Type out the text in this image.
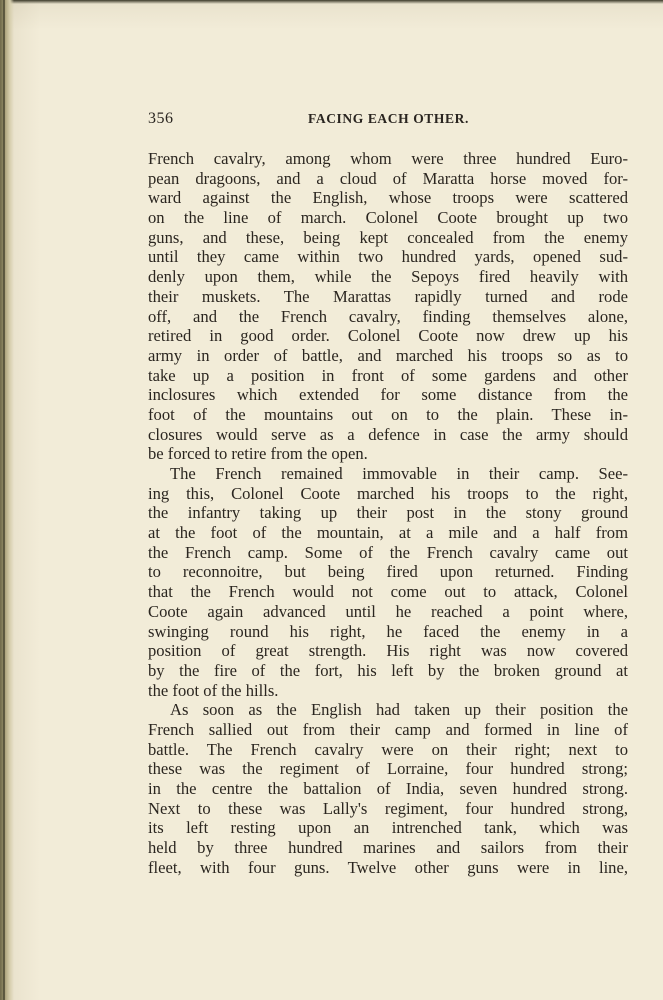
356	FACING EACH OTHER.
French cavalry, among whom were three hundred Euro-
pean dragoons, and a cloud of Maratta horse moved for-
ward against the English, whose troops were scattered
on the line of march. Colonel Coote brought up two
guns, and these, being kept concealed from the enemy
until they came within two hundred yards, opened sud-
denly upon them, while the Sepoys fired heavily with
their muskets. The Marattas rapidly turned and rode
off, and the French cavalry, finding themselves alone,
retired in good order. Colonel Coote now drew up his
army in order of battle, and marched his troops so as to
take up a position in front of some gardens and other
inclosures which extended for some distance from the
foot of the mountains out on to the plain. These in-
closures would serve as a defence in case the army should
be forced to retire from the open.
The French remained immovable in their camp. See-
ing this, Colonel Coote marched his troops to the right,
the infantry taking up their post in the stony ground
at the foot of the mountain, at a mile and a half from
the French camp. Some of the French cavalry came out
to reconnoitre, but being fired upon returned. Finding
that the French would not come out to attack, Colonel
Coote again advanced until he reached a point where,
swinging round his right, he faced the enemy in a
position of great strength. His right was now covered
by the fire of the fort, his left by the broken ground at
the foot of the hills.
As soon as the English had taken up their position the
French sallied out from their camp and formed in line of
battle. The French cavalry were on their right; next to
these was the regiment of Lorraine, four hundred strong;
in the centre the battalion of India, seven hundred strong.
Next to these was Lally's regiment, four hundred strong,
its left resting upon an intrenched tank, which was
held by three hundred marines and sailors from their
fleet, with four guns. Twelve other guns were in line,
